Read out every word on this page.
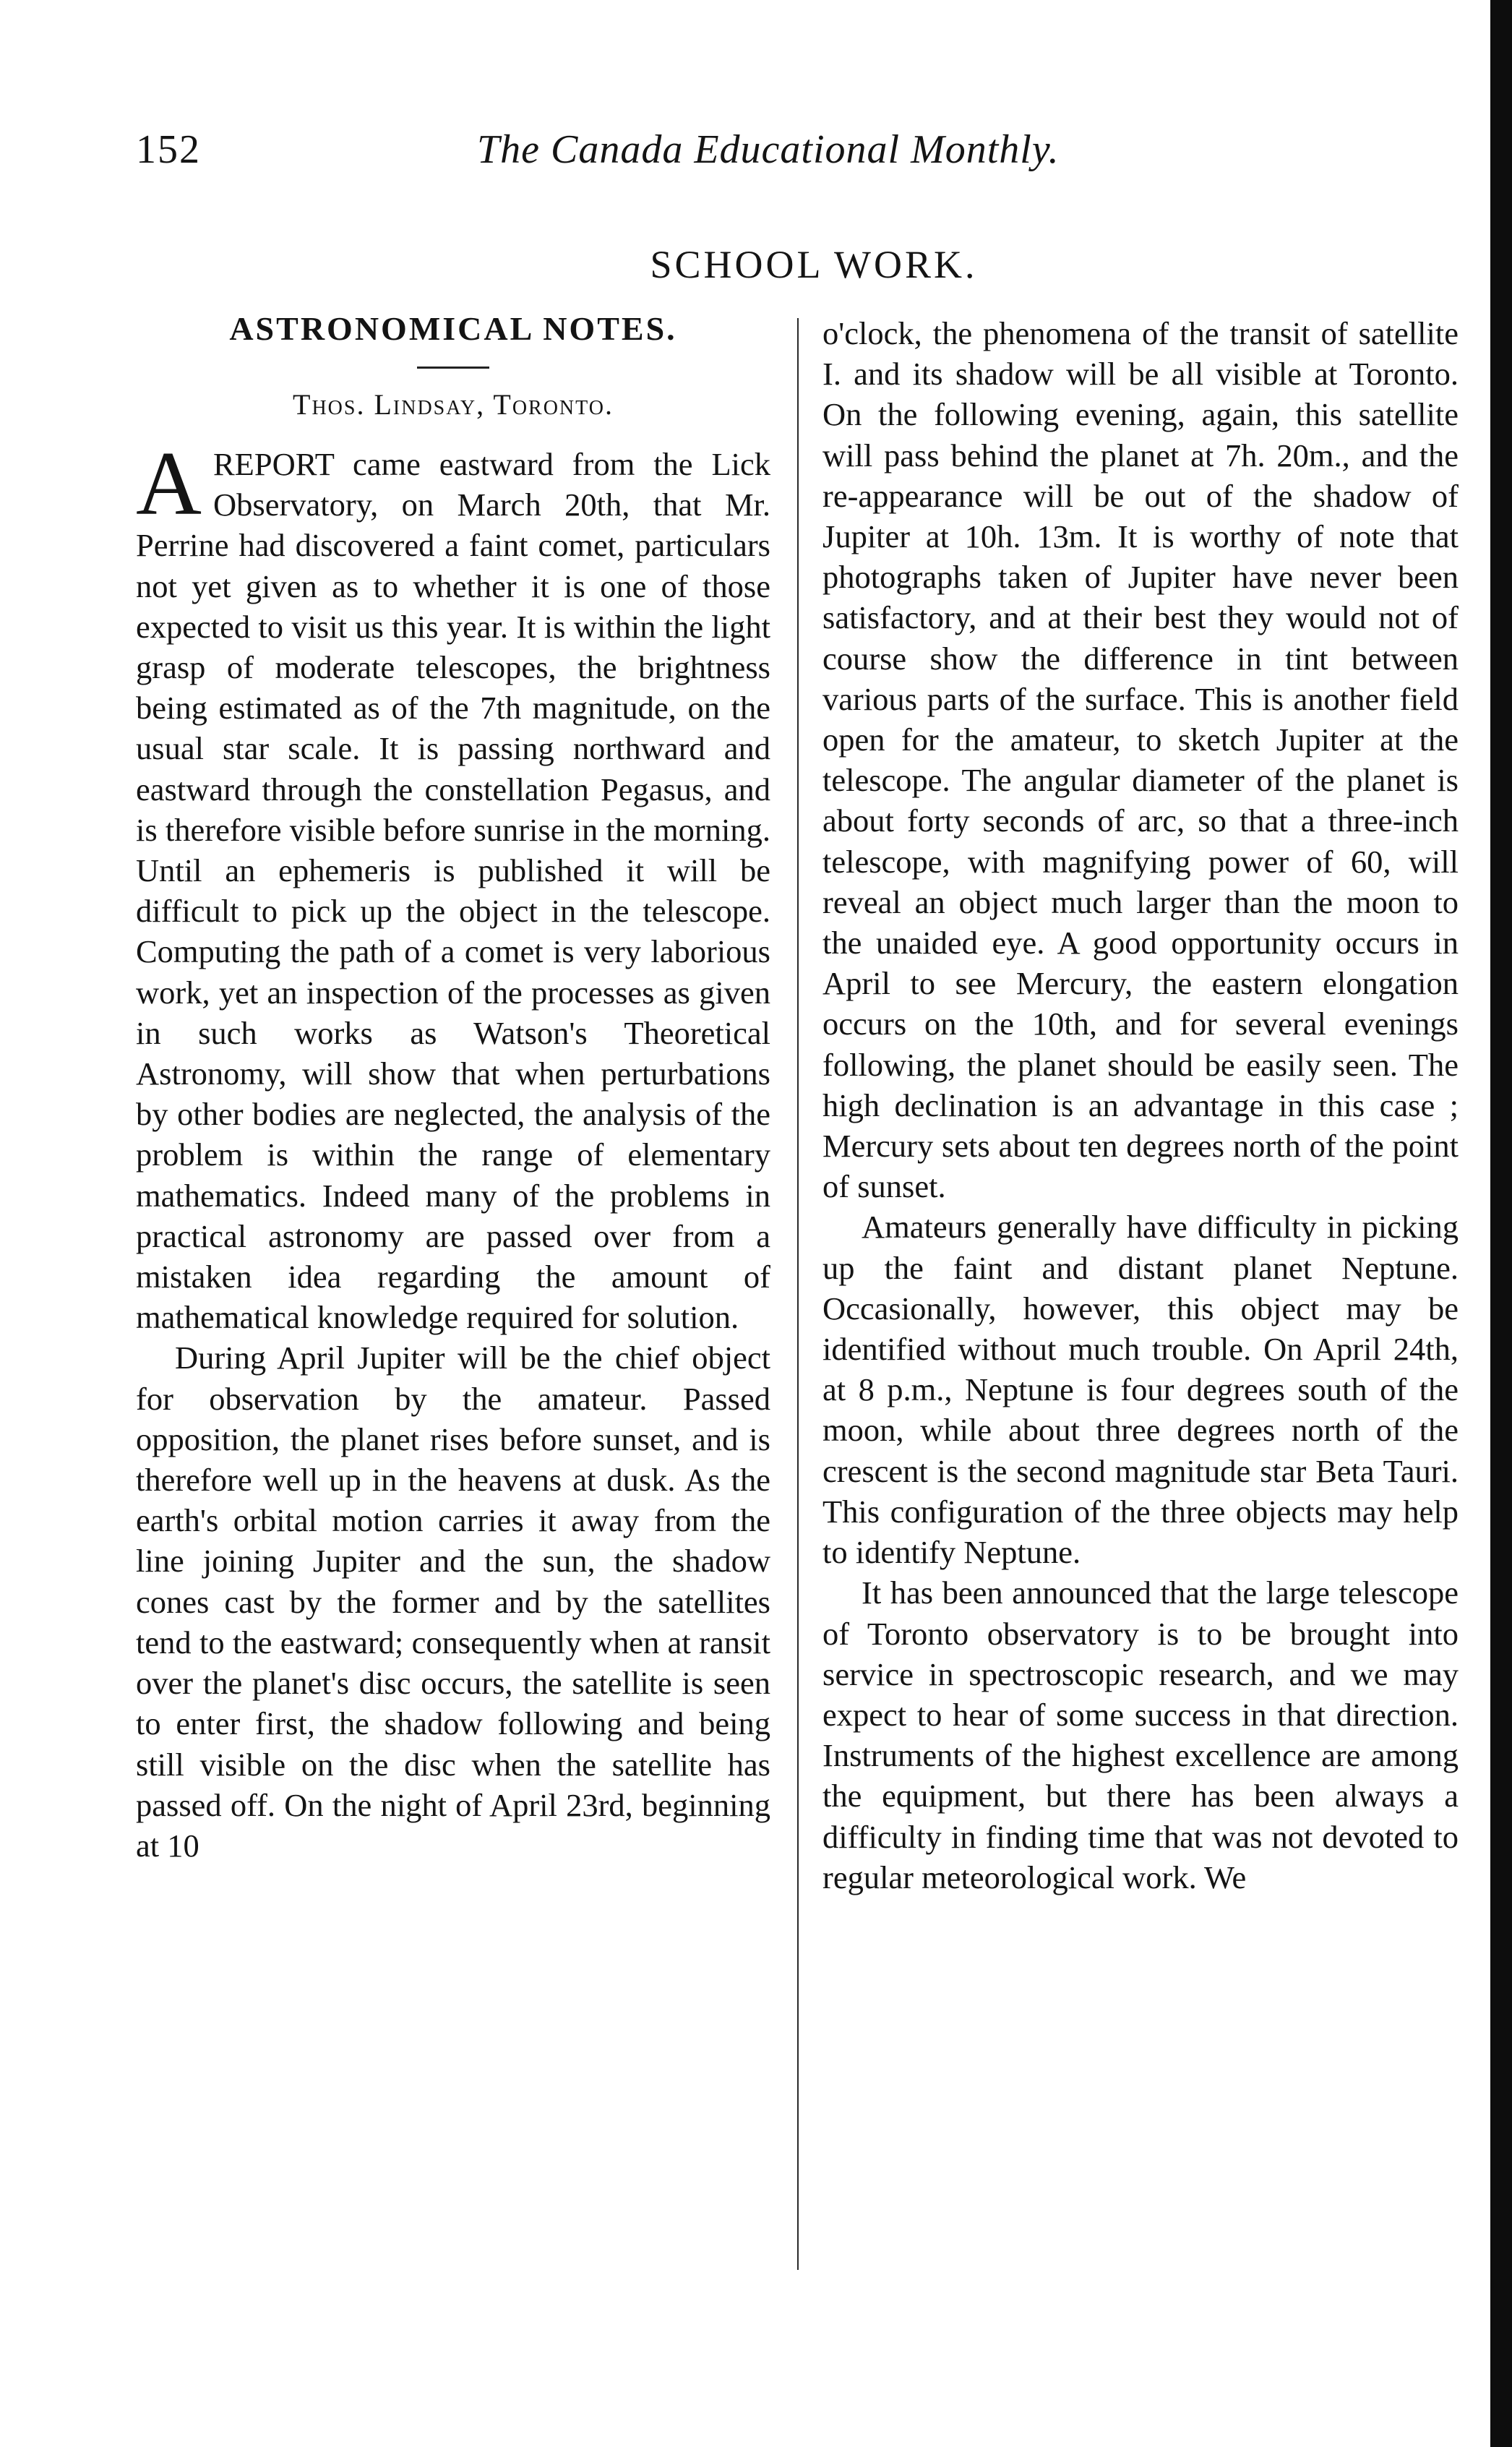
152	The Canada Educational Monthly.
SCHOOL WORK.
ASTRONOMICAL NOTES.
Thos. Lindsay, Toronto.

AREPORT came eastward from the Lick Observatory, on March 20th, that Mr. Perrine had discovered a faint comet, particulars not yet given as to whether it is one of those expected to visit us this year. It is within the light grasp of moderate telescopes, the brightness being estimated as of the 7th magnitude, on the usual star scale. It is passing northward and eastward through the constellation Pegasus, and is therefore visible before sunrise in the morning. Until an ephemeris is published it will be difficult to pick up the object in the telescope. Computing the path of a comet is very laborious work, yet an inspection of the processes as given in such works as Watson's Theoretical Astronomy, will show that when perturbations by other bodies are neglected, the analysis of the problem is within the range of elementary mathematics. Indeed many of the problems in practical astronomy are passed over from a mistaken idea regarding the amount of mathematical knowledge required for solution.

During April Jupiter will be the chief object for observation by the amateur. Passed opposition, the planet rises before sunset, and is therefore well up in the heavens at dusk. As the earth's orbital motion carries it away from the line joining Jupiter and the sun, the shadow cones cast by the former and by the satellites tend to the eastward; consequently when at ransit over the planet's disc occurs, the satellite is seen to enter first, the shadow following and being still visible on the disc when the satellite has passed off. On the night of April 23rd, beginning at 10

o'clock, the phenomena of the transit of satellite I. and its shadow will be all visible at Toronto. On the following evening, again, this satellite will pass behind the planet at 7h. 20m., and the re-appearance will be out of the shadow of Jupiter at 10h. 13m. It is worthy of note that photographs taken of Jupiter have never been satisfactory, and at their best they would not of course show the difference in tint between various parts of the surface. This is another field open for the amateur, to sketch Jupiter at the telescope. The angular diameter of the planet is about forty seconds of arc, so that a three-inch telescope, with magnifying power of 60, will reveal an object much larger than the moon to the unaided eye. A good opportunity occurs in April to see Mercury, the eastern elongation occurs on the 10th, and for several evenings following, the planet should be easily seen. The high declination is an advantage in this case ; Mercury sets about ten degrees north of the point of sunset.

Amateurs generally have difficulty in picking up the faint and distant planet Neptune. Occasionally, however, this object may be identified without much trouble. On April 24th, at 8 p.m., Neptune is four degrees south of the moon, while about three degrees north of the crescent is the second magnitude star Beta Tauri. This configuration of the three objects may help to identify Neptune.

It has been announced that the large telescope of Toronto observatory is to be brought into service in spectroscopic research, and we may expect to hear of some success in that direction. Instruments of the highest excellence are among the equipment, but there has been always a difficulty in finding time that was not devoted to regular meteorological work. We
